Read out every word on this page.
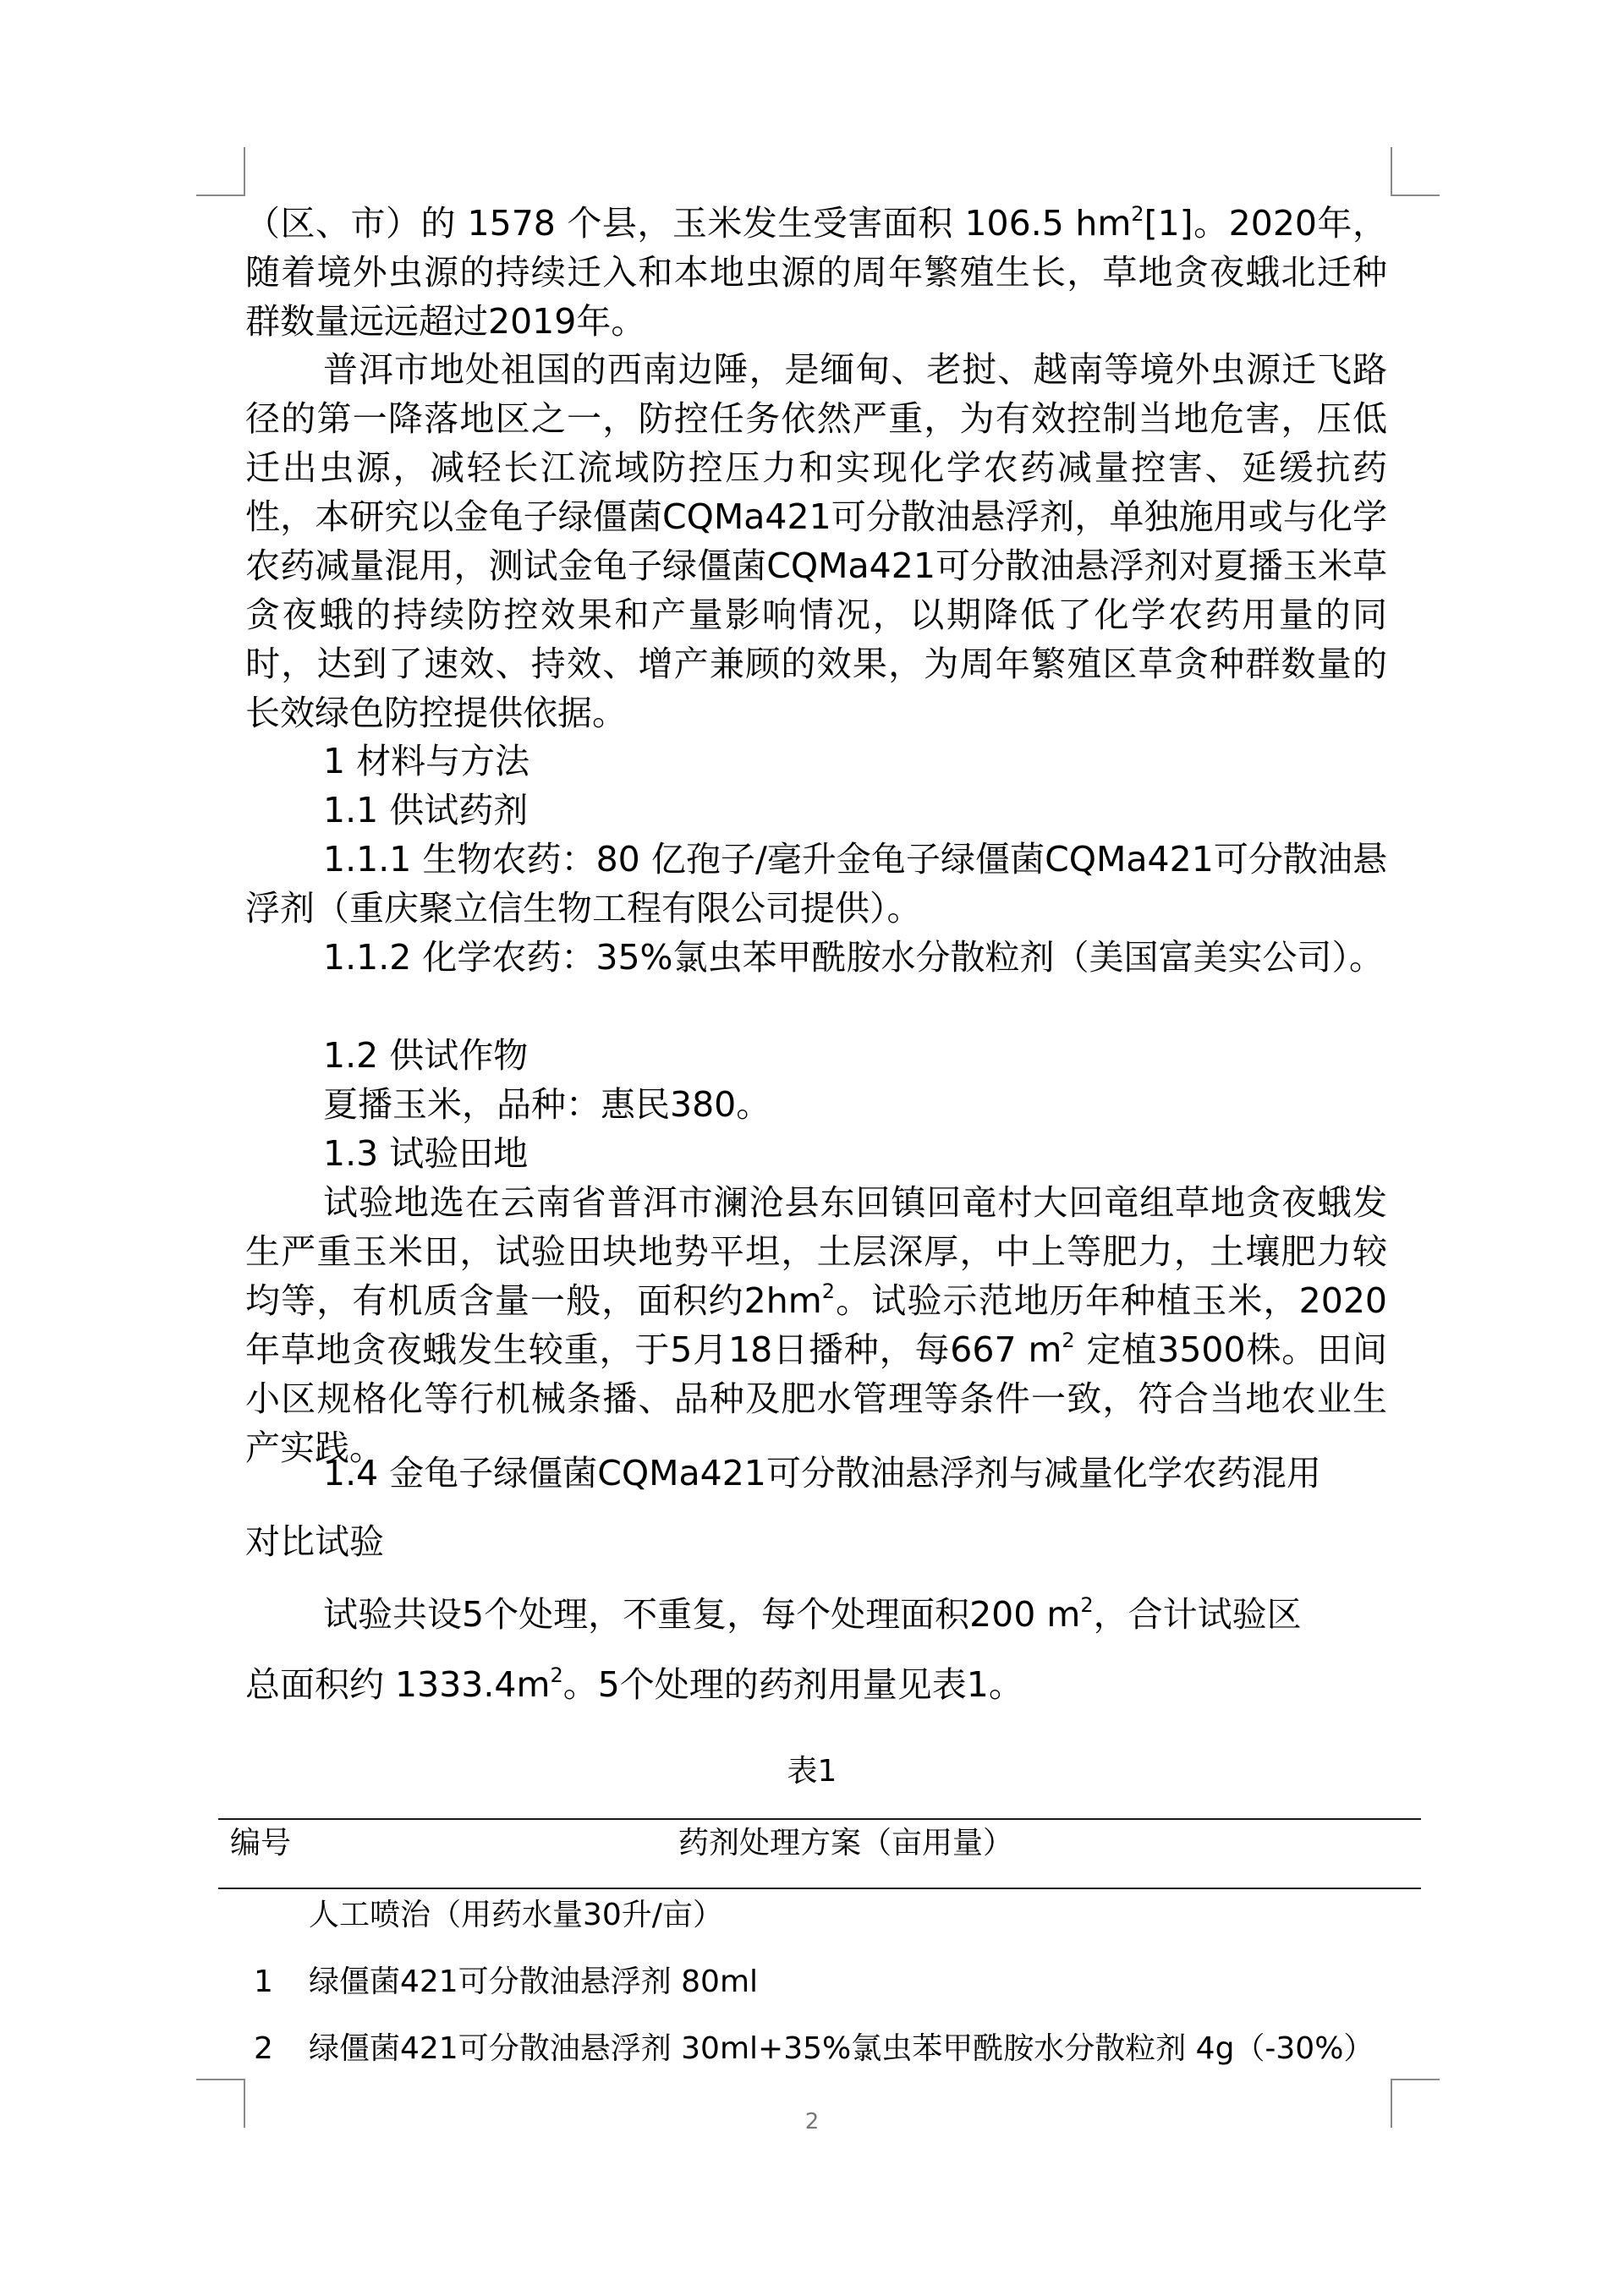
（区、市）的 1578 个县，玉米发生受害面积 106.5 $hm^2[1]$。2020年，随着境外虫源的持续迁入和本地虫源的周年繁殖生长，草地贪夜蛾北迁种群数量远远超过2019年。

普洱市地处祖国的西南边陲，是缅甸、老挝、越南等境外虫源迁飞路径的第一降落地区之一，防控任务依然严重，为有效控制当地危害，压低迁出虫源，减轻长江流域防控压力和实现化学农药减量控害、延缓抗药性，本研究以金龟子绿僵菌CQMa421可分散油悬浮剂，单独施用或与化学农药减量混用，测试金龟子绿僵菌CQMa421可分散油悬浮剂对夏播玉米草贪夜蛾的持续防控效果和产量影响情况，以期降低了化学农药用量的同时，达到了速效、持效、增产兼顾的效果，为周年繁殖区草贪种群数量的长效绿色防控提供依据。

1 材料与方法
1.1 供试药剂

1.1.1 生物农药：80 亿孢子/毫升金龟子绿僵菌CQMa421可分散油悬浮剂（重庆聚立信生物工程有限公司提供）。

1.1.2 化学农药：35%氯虫苯甲酰胺水分散粒剂（美国富美实公司）。

1.2 供试作物
夏播玉米，品种：惠民380。
1.3 试验田地

试验地选在云南省普洱市澜沧县东回镇回竜村大回竜组草地贪夜蛾发生严重玉米田，试验田块地势平坦，土层深厚，中上等肥力，土壤肥力较均等，有机质含量一般，面积约$2hm^2$。试验示范地历年种植玉米，2020年草地贪夜蛾发生较重，于5月18日播种，每667 $m^2$ 定植3500株。田间小区规格化等行机械条播、品种及肥水管理等条件一致，符合当地农业生产实践。

1.4 金龟子绿僵菌CQMa421可分散油悬浮剂与减量化学农药混用
对比试验
试验共设5个处理，不重复，每个处理面积200 $m^2$，合计试验区
总面积约 $1333.4m^2$。5个处理的药剂用量见表1。
表1
编号	药剂处理方案（亩用量）
人工喷治（用药水量30升/亩）
1 绿僵菌421可分散油悬浮剂 80ml
2 绿僵菌421可分散油悬浮剂 30ml+35%氯虫苯甲酰胺水分散粒剂 4g（-30%）
2
